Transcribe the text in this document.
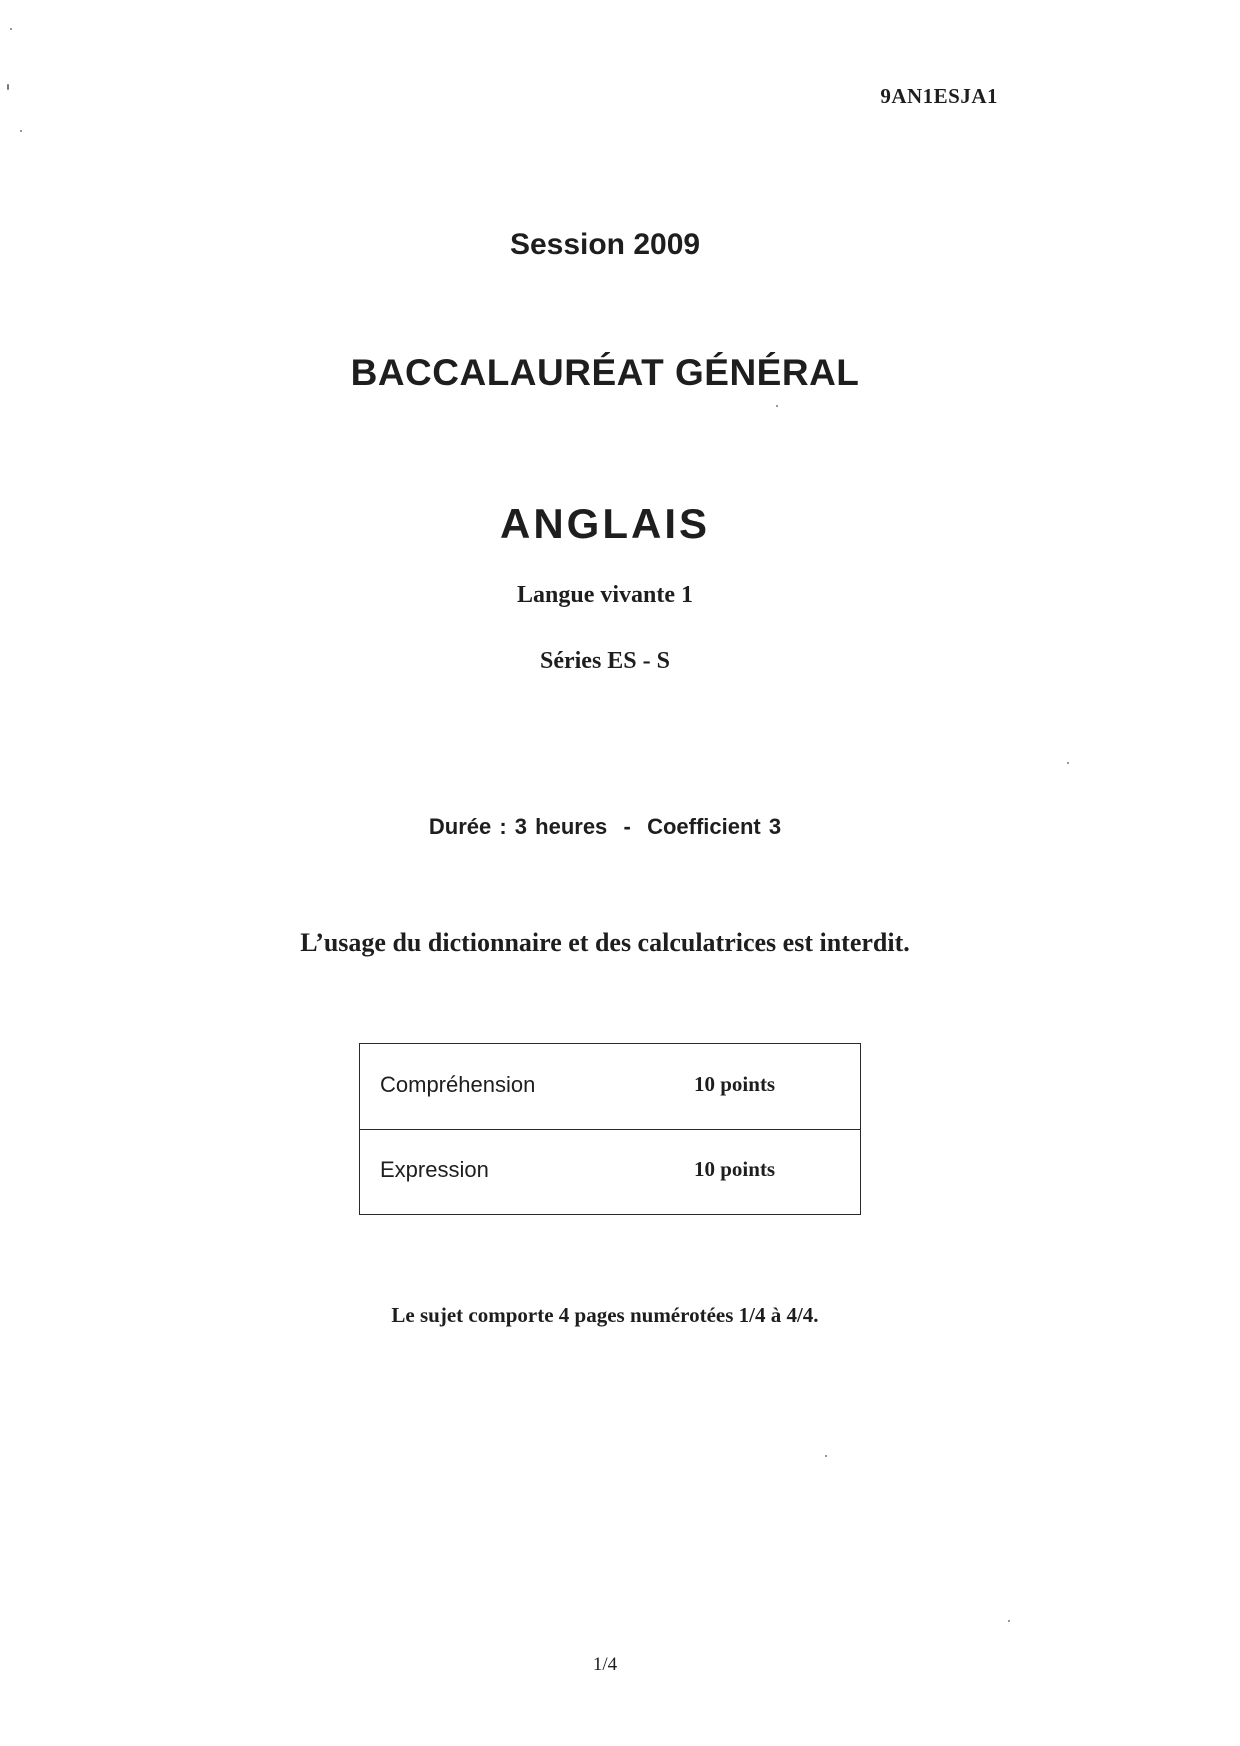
9AN1ESJA1
Session 2009
BACCALAURÉAT GÉNÉRAL
ANGLAIS
Langue vivante 1
Séries ES - S
Durée : 3 heures  -  Coefficient 3
L’usage du dictionnaire et des calculatrices est interdit.
Compréhension	10 points
Expression	10 points
Le sujet comporte 4 pages numérotées 1/4 à 4/4.
1/4
